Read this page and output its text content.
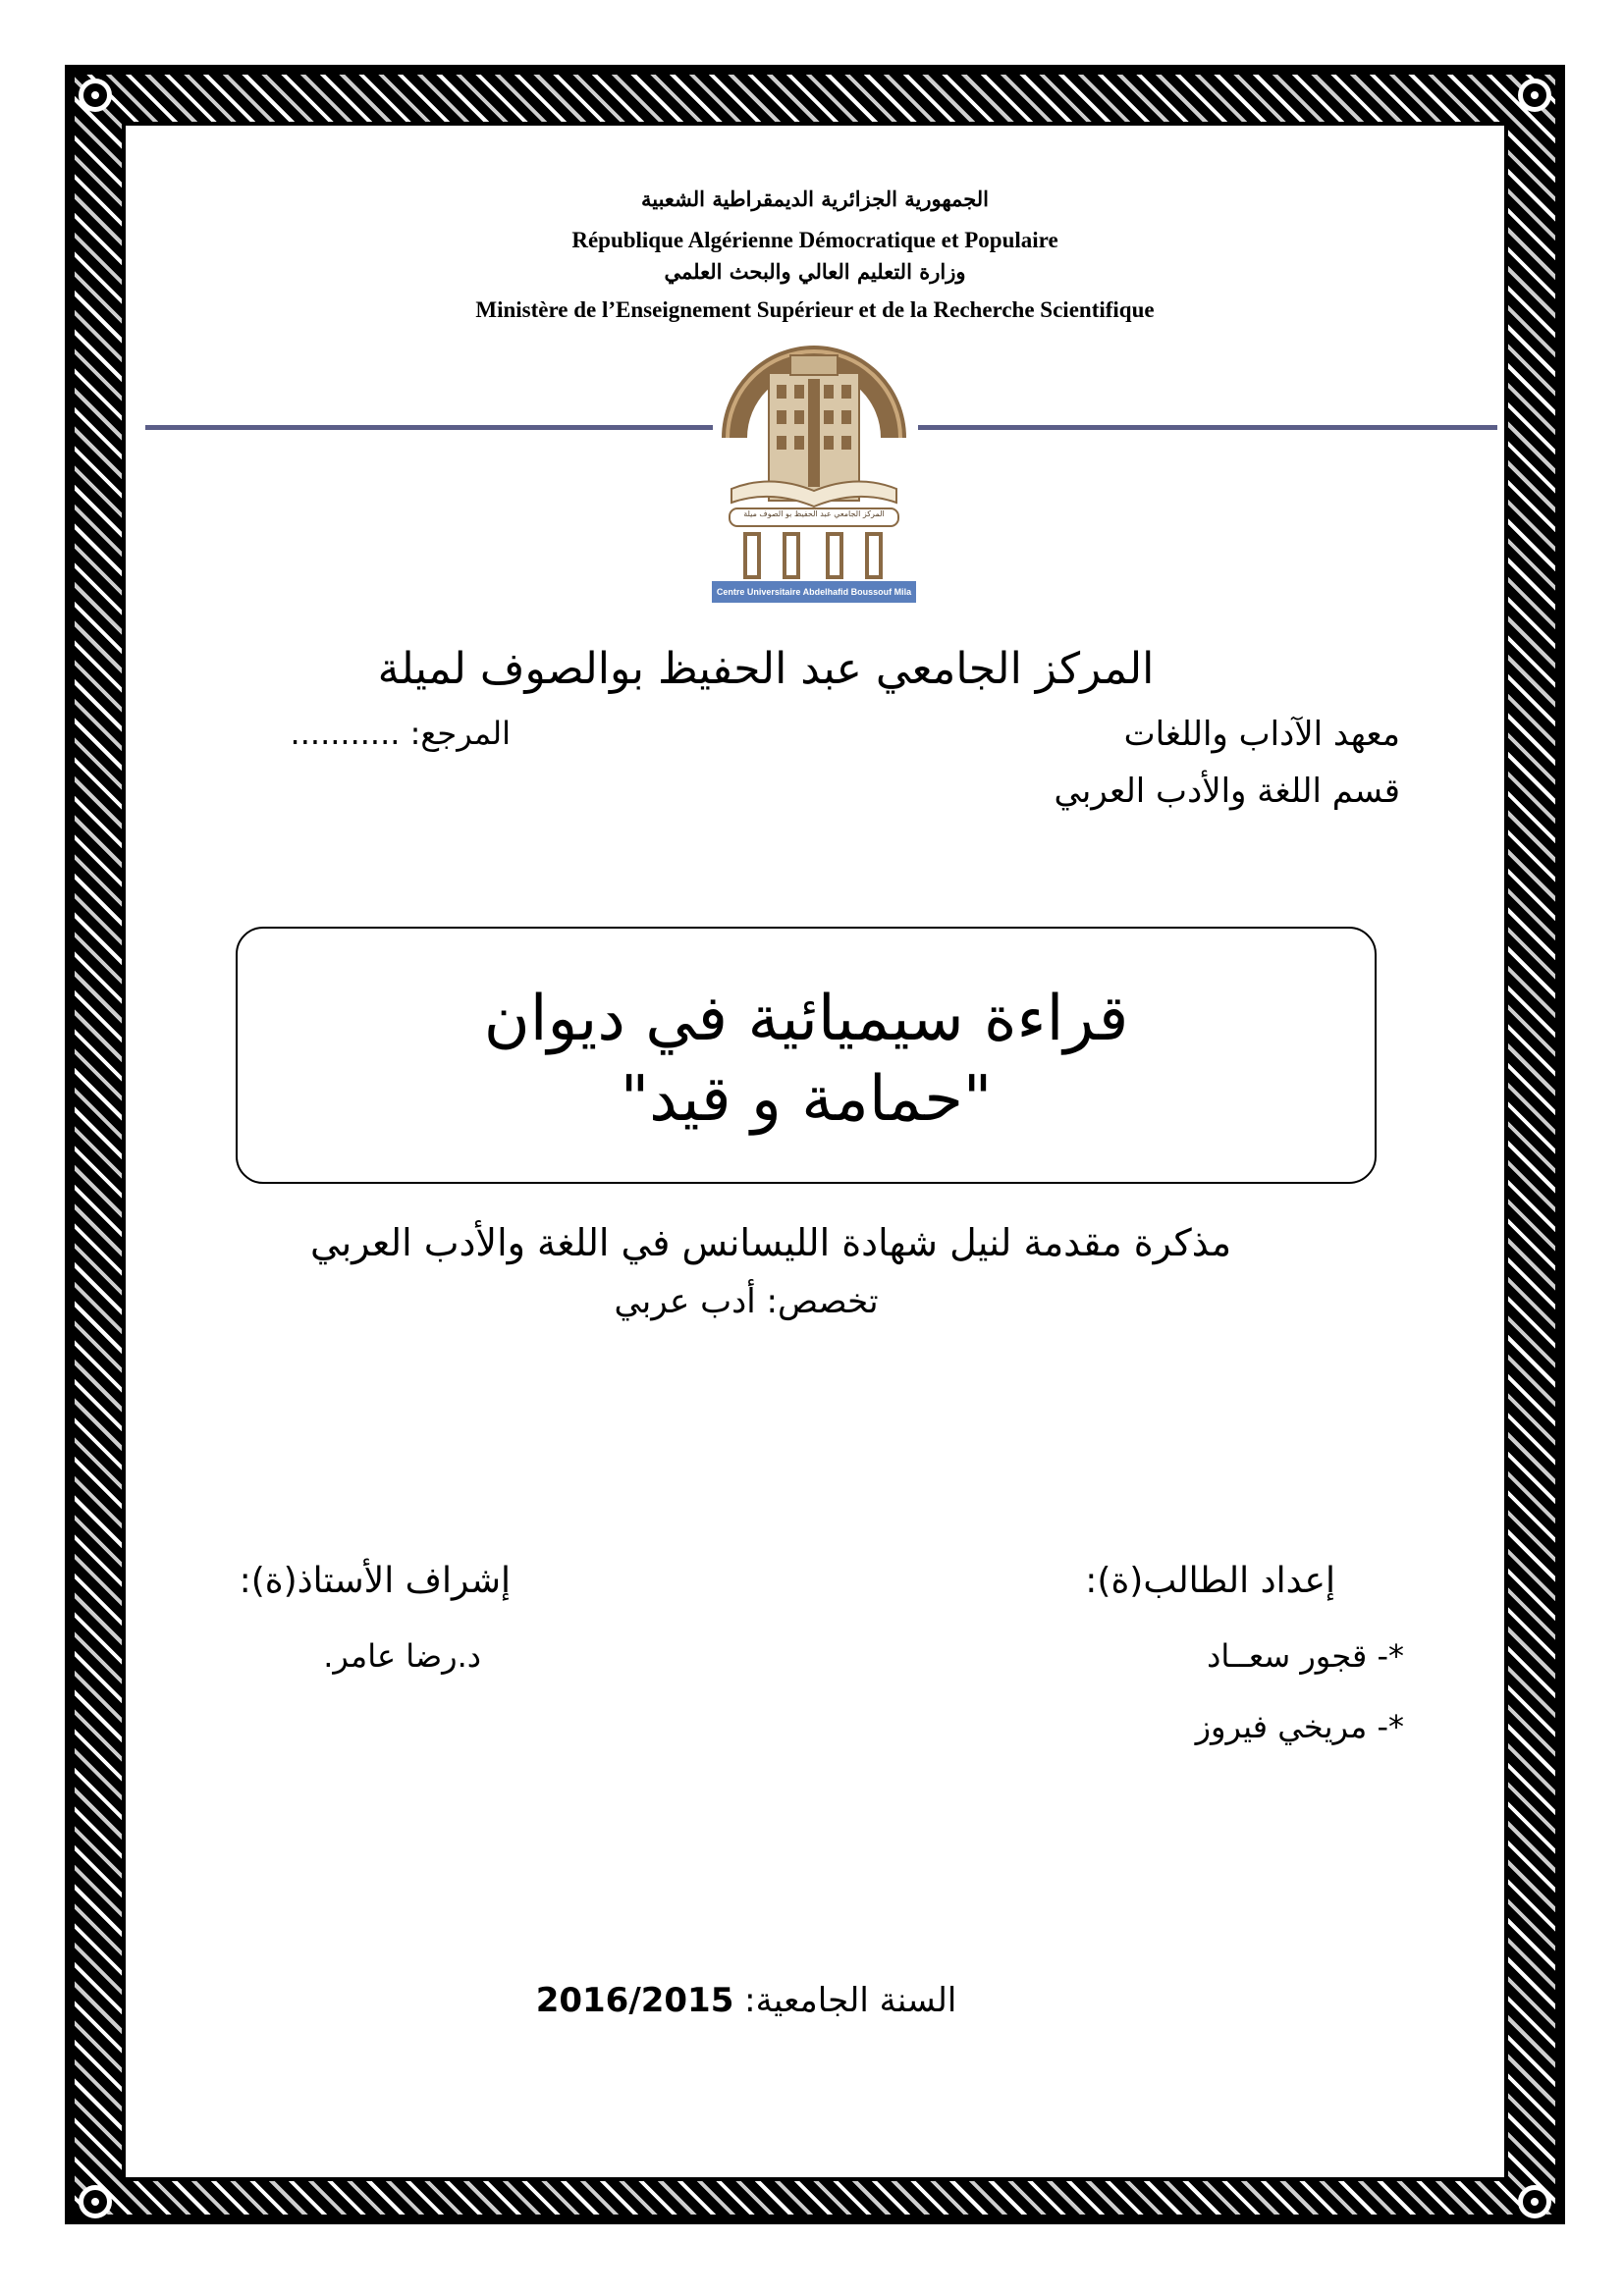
الجمهورية الجزائرية الديمقراطية الشعبية
République Algérienne Démocratique et Populaire
وزارة التعليم العالي والبحث العلمي
Ministère de l’Enseignement Supérieur et de la Recherche Scientifique
المركز الجامعي عبد الحفيظ بو الصوف ميلة
Centre Universitaire Abdelhafid Boussouf Mila
المركز الجامعي عبد الحفيظ بوالصوف لميلة
معهد الآداب واللغات
المرجع: ...........
قسم اللغة والأدب العربي
قراءة سيميائية في ديوان
"حمامة و قيد"
مذكرة مقدمة لنيل شهادة الليسانس في اللغة والأدب العربي
تخصص: أدب عربي
إعداد الطالب(ة):
*- قجور سعــاد
*- مريخي فيروز
إشراف الأستاذ(ة):
د.رضا عامر.
السنة الجامعية: 2016/2015
